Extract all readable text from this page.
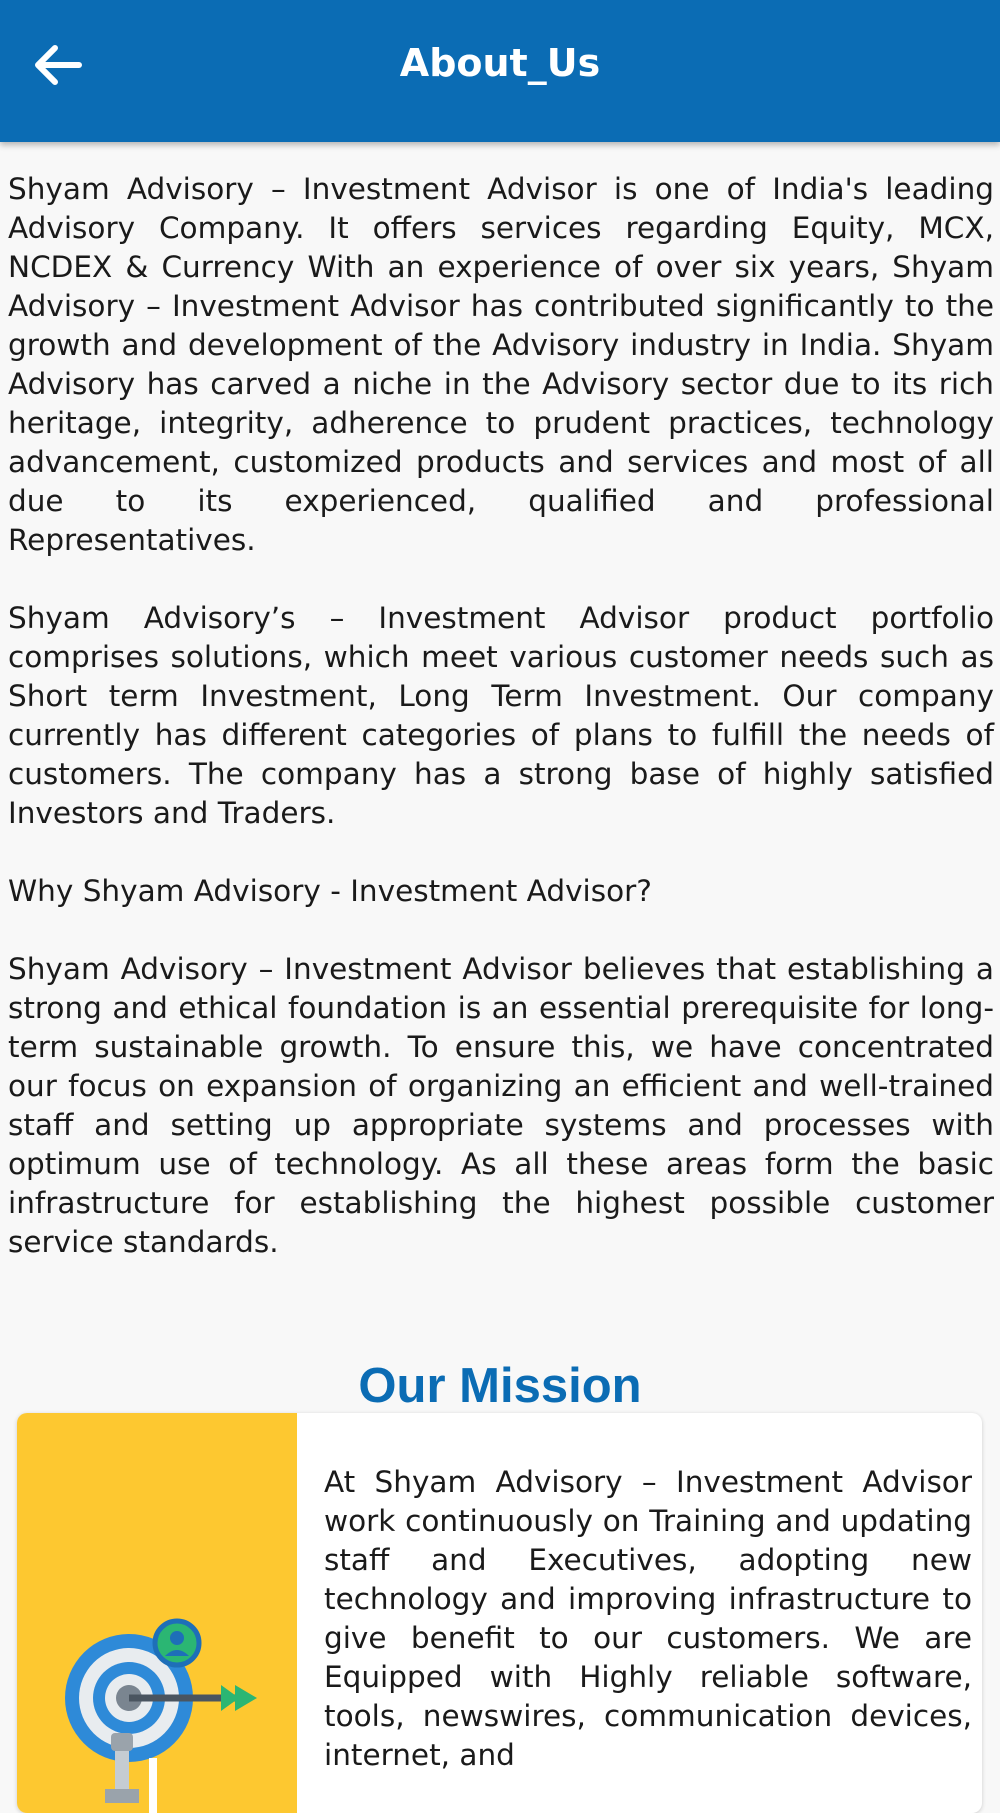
About_Us

Shyam Advisory – Investment Advisor is one of India's leading Advisory Company. It offers services regarding Equity, MCX, NCDEX & Currency With an experience of over six years, Shyam Advisory – Investment Advisor has contributed significantly to the growth and development of the Advisory industry in India. Shyam Advisory has carved a niche in the Advisory sector due to its rich heritage, integrity, adherence to prudent practices, technology advancement, customized products and services and most of all due to its experienced, qualified and professional Representatives.

Shyam Advisory’s – Investment Advisor product portfolio comprises solutions, which meet various customer needs such as Short term Investment, Long Term Investment. Our company currently has different categories of plans to fulfill the needs of customers. The company has a strong base of highly satisfied Investors and Traders.

Why Shyam Advisory - Investment Advisor?

Shyam Advisory – Investment Advisor believes that establishing a strong and ethical foundation is an essential prerequisite for long-term sustainable growth. To ensure this, we have concentrated our focus on expansion of organizing an efficient and well-trained staff and setting up appropriate systems and processes with optimum use of technology. As all these areas form the basic infrastructure for establishing the highest possible customer service standards.

Our Mission

At Shyam Advisory – Investment Advisor work continuously on Training and updating staff and Executives, adopting new technology and improving infrastructure to give benefit to our customers. We are Equipped with Highly reliable software, tools, newswires, communication devices, internet, and
